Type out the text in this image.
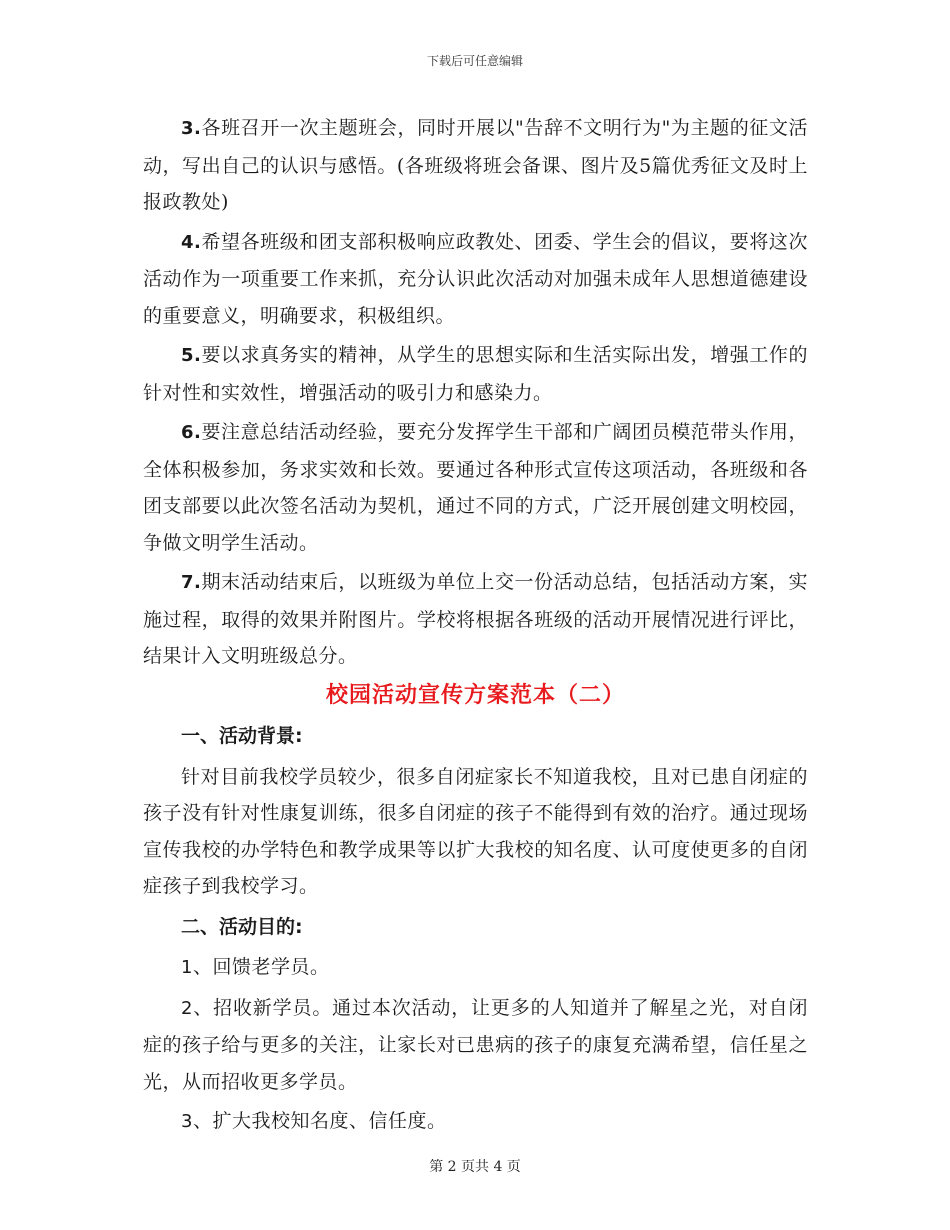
下载后可任意编辑

3.各班召开一次主题班会，同时开展以"告辞不文明行为"为主题的征文活动，写出自己的认识与感悟。(各班级将班会备课、图片及5篇优秀征文及时上报政教处)

4.希望各班级和团支部积极响应政教处、团委、学生会的倡议，要将这次活动作为一项重要工作来抓，充分认识此次活动对加强未成年人思想道德建设的重要意义，明确要求，积极组织。

5.要以求真务实的精神，从学生的思想实际和生活实际出发，增强工作的针对性和实效性，增强活动的吸引力和感染力。

6.要注意总结活动经验，要充分发挥学生干部和广阔团员模范带头作用，全体积极参加，务求实效和长效。要通过各种形式宣传这项活动，各班级和各团支部要以此次签名活动为契机，通过不同的方式，广泛开展创建文明校园，争做文明学生活动。

7.期末活动结束后，以班级为单位上交一份活动总结，包括活动方案，实施过程，取得的效果并附图片。学校将根据各班级的活动开展情况进行评比，结果计入文明班级总分。

校园活动宣传方案范本（二）

一、活动背景:

针对目前我校学员较少，很多自闭症家长不知道我校，且对已患自闭症的孩子没有针对性康复训练，很多自闭症的孩子不能得到有效的治疗。通过现场宣传我校的办学特色和教学成果等以扩大我校的知名度、认可度使更多的自闭症孩子到我校学习。

二、活动目的:

1、回馈老学员。

2、招收新学员。通过本次活动，让更多的人知道并了解星之光，对自闭症的孩子给与更多的关注，让家长对已患病的孩子的康复充满希望，信任星之光，从而招收更多学员。

3、扩大我校知名度、信任度。

第 2 页共 4 页
